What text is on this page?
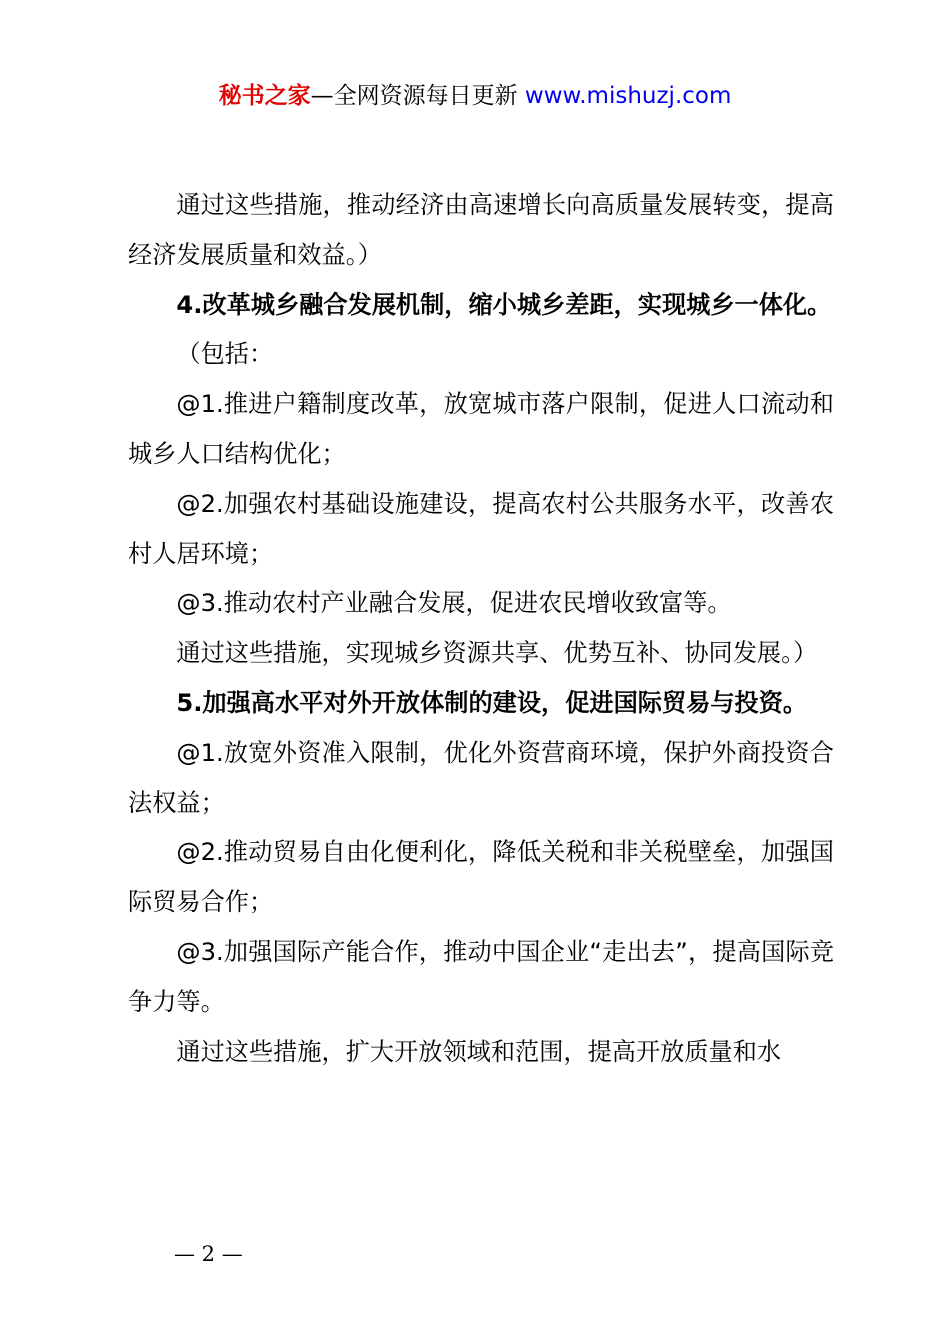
秘书之家—全网资源每日更新 www.mishuzj.com

通过这些措施，推动经济由高速增长向高质量发展转变，提高经济发展质量和效益。）

4.改革城乡融合发展机制，缩小城乡差距，实现城乡一体化。

（包括：

@1.推进户籍制度改革，放宽城市落户限制，促进人口流动和城乡人口结构优化；

@2.加强农村基础设施建设，提高农村公共服务水平，改善农村人居环境；

@3.推动农村产业融合发展，促进农民增收致富等。

通过这些措施，实现城乡资源共享、优势互补、协同发展。）

5.加强高水平对外开放体制的建设，促进国际贸易与投资。

@1.放宽外资准入限制，优化外资营商环境，保护外商投资合法权益；

@2.推动贸易自由化便利化，降低关税和非关税壁垒，加强国际贸易合作；

@3.加强国际产能合作，推动中国企业“走出去”，提高国际竞争力等。

通过这些措施，扩大开放领域和范围，提高开放质量和水

— 2 —
